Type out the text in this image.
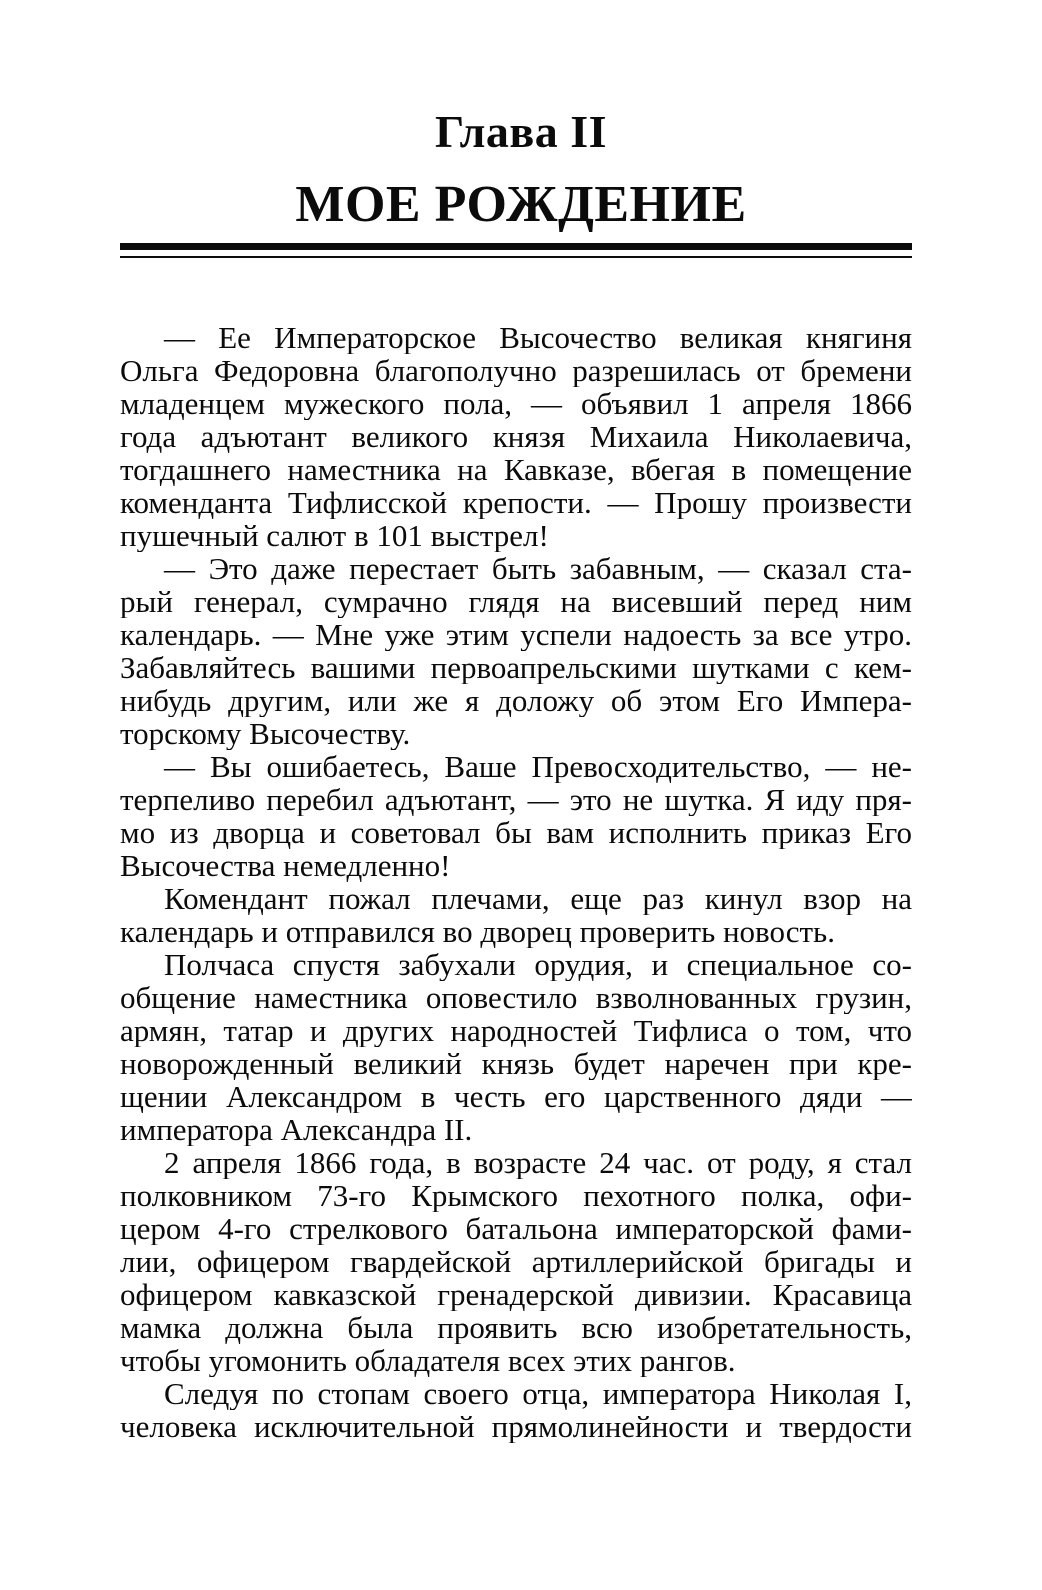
Глава II
МОЕ РОЖДЕНИЕ
— Ее Императорское Высочество великая княгиня
Ольга Федоровна благополучно разрешилась от бремени
младенцем мужеского пола, — объявил 1 апреля 1866
года адъютант великого князя Михаила Николаевича,
тогдашнего наместника на Кавказе, вбегая в помещение
коменданта Тифлисской крепости. — Прошу произвести
пушечный салют в 101 выстрел!
— Это даже перестает быть забавным, — сказал ста-
рый генерал, сумрачно глядя на висевший перед ним
календарь. — Мне уже этим успели надоесть за все утро.
Забавляйтесь вашими первоапрельскими шутками с кем-
нибудь другим, или же я доложу об этом Его Импера-
торскому Высочеству.
— Вы ошибаетесь, Ваше Превосходительство, — не-
терпеливо перебил адъютант, — это не шутка. Я иду пря-
мо из дворца и советовал бы вам исполнить приказ Его
Высочества немедленно!
Комендант пожал плечами, еще раз кинул взор на
календарь и отправился во дворец проверить новость.
Полчаса спустя забухали орудия, и специальное со-
общение наместника оповестило взволнованных грузин,
армян, татар и других народностей Тифлиса о том, что
новорожденный великий князь будет наречен при кре-
щении Александром в честь его царственного дяди —
императора Александра II.
2 апреля 1866 года, в возрасте 24 час. от роду, я стал
полковником 73-го Крымского пехотного полка, офи-
цером 4-го стрелкового батальона императорской фами-
лии, офицером гвардейской артиллерийской бригады и
офицером кавказской гренадерской дивизии. Красавица
мамка должна была проявить всю изобретательность,
чтобы угомонить обладателя всех этих рангов.
Следуя по стопам своего отца, императора Николая I,
человека исключительной прямолинейности и твердости
